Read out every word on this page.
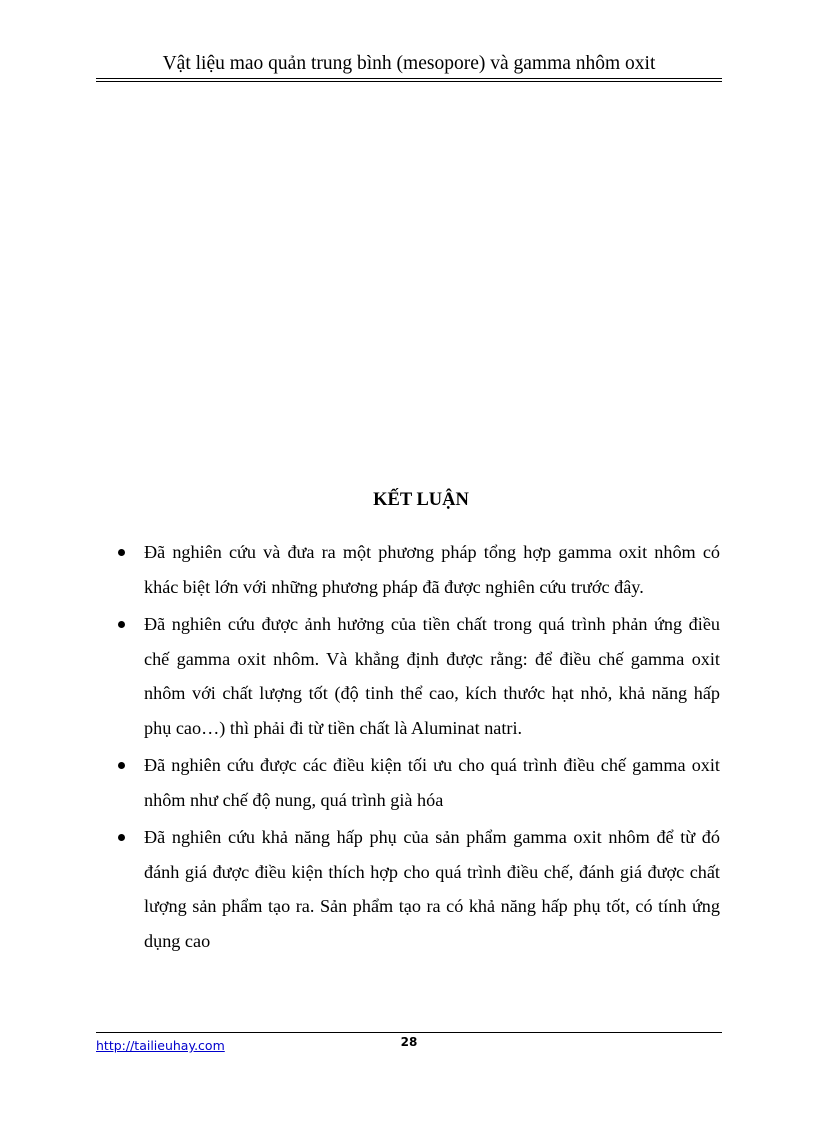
Vật liệu mao quản trung bình (mesopore) và gamma nhôm oxit
KẾT LUẬN
Đã nghiên cứu và đưa ra một phương pháp tổng hợp gamma oxit nhôm có khác biệt lớn với những phương pháp đã được nghiên cứu trước đây.
Đã nghiên cứu được ảnh hưởng của tiền chất trong quá trình phản ứng điều chế gamma oxit nhôm. Và khẳng định được rằng: để điều chế gamma oxit nhôm với chất lượng tốt (độ tinh thể cao, kích thước hạt nhỏ, khả năng hấp phụ cao…) thì phải đi từ tiền chất là Aluminat natri.
Đã nghiên cứu được các điều kiện tối ưu cho quá trình điều chế gamma oxit nhôm như chế độ nung, quá trình già hóa
Đã nghiên cứu khả năng hấp phụ của sản phẩm gamma oxit nhôm để từ đó đánh giá được điều kiện thích hợp cho quá trình điều chế, đánh giá được chất lượng sản phẩm tạo ra. Sản phẩm tạo ra có khả năng hấp phụ tốt, có tính ứng dụng cao
http://tailieuhay.com	28
